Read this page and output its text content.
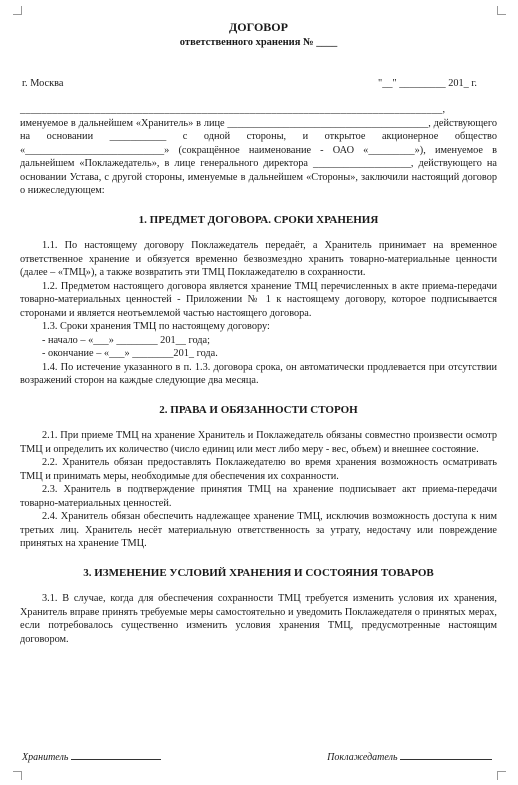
ДОГОВОР
ответственного хранения № ____
г. Москва	"__" _________ 201_ г.

_______________________________________________________________________________,

именуемое в дальнейшем «Хранитель» в лице _______________________________________, действующего на основании ___________ с одной стороны, и открытое акционерное общество «___________________________» (сокращённое наименование - ОАО «_________»), именуемое в дальнейшем «Поклажедатель», в лице генерального директора ___________________, действующего на основании Устава, с другой стороны, именуемые в дальнейшем «Стороны», заключили настоящий договор о нижеследующем:

1. ПРЕДМЕТ ДОГОВОРА. СРОКИ ХРАНЕНИЯ

1.1. По настоящему договору Поклажедатель передаёт, а Хранитель принимает на временное ответственное хранение и обязуется временно безвозмездно хранить товарно-материальные ценности (далее – «ТМЦ»), а также возвратить эти ТМЦ Поклажедателю в сохранности.

1.2. Предметом настоящего договора является хранение ТМЦ перечисленных в акте приема-передачи товарно-материальных ценностей - Приложении № 1 к настоящему договору, которое подписывается сторонами и является неотъемлемой частью настоящего договора.

1.3. Сроки хранения ТМЦ по настоящему договору:

- начало – «___» ________ 201__ года;

- окончание – «___» ________201_ года.

1.4. По истечение указанного в п. 1.3. договора срока, он автоматически продлевается при отсутствии возражений сторон на каждые следующие два месяца.

2. ПРАВА И ОБЯЗАННОСТИ СТОРОН

2.1. При приеме ТМЦ на хранение Хранитель и Поклажедатель обязаны совместно произвести осмотр ТМЦ и определить их количество (число единиц или мест либо меру - вес, объем) и внешнее состояние.

2.2. Хранитель обязан предоставлять Поклажедателю во время хранения возможность осматривать ТМЦ и принимать меры, необходимые для обеспечения их сохранности.

2.3. Хранитель в подтверждение принятия ТМЦ на хранение подписывает акт приема-передачи товарно-материальных ценностей.

2.4. Хранитель обязан обеспечить надлежащее хранение ТМЦ, исключив возможность доступа к ним третьих лиц. Хранитель несёт материальную ответственность за утрату, недостачу или повреждение принятых на хранение ТМЦ.

3. ИЗМЕНЕНИЕ УСЛОВИЙ ХРАНЕНИЯ И СОСТОЯНИЯ ТОВАРОВ

3.1. В случае, когда для обеспечения сохранности ТМЦ требуется изменить условия их хранения, Хранитель вправе принять требуемые меры самостоятельно и уведомить Поклажедателя о принятых мерах, если потребовалось существенно изменить условия хранения ТМЦ, предусмотренные настоящим договором.

Хранитель	Поклажедатель
